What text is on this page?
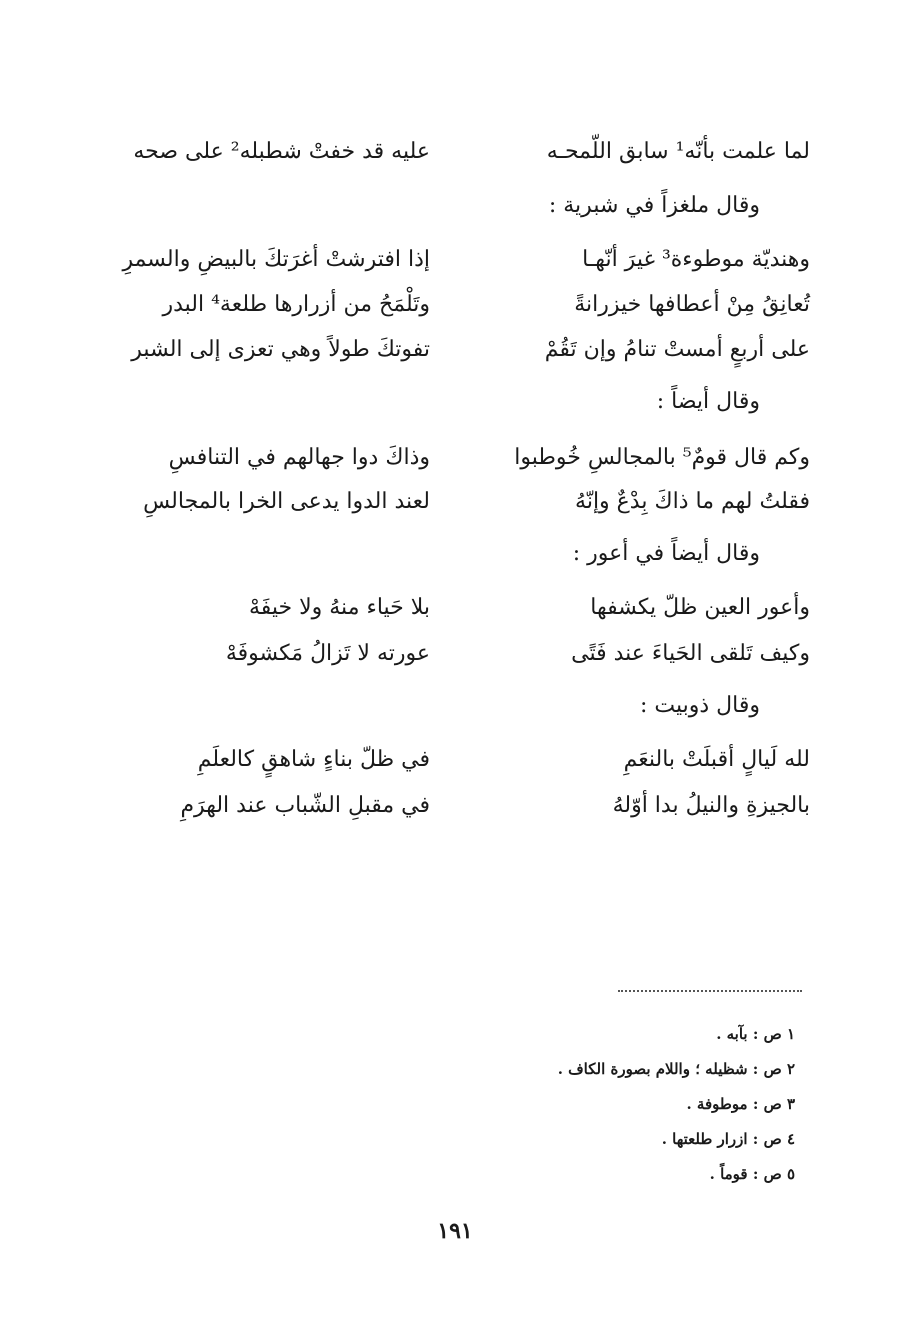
لما علمت بأنّه¹ سابق اللّمحـه
عليه قد خفتْ شطبله² على صحه
وقال ملغزاً في شبرية :
وهنديّة موطوءة³ غيرَ أنّهـا
إذا افترشتْ أغرَتكَ بالبيضِ والسمرِ
تُعانِقُ مِنْ أعطافها خيزرانةً
وتَلْمَحُ من أزرارها طلعة⁴ البدر
على أربعٍ أمستْ تنامُ وإن تَقُمْ
تفوتكَ طولاً وهي تعزى إلى الشبر
وقال أيضاً :
وكم قال قومٌ⁵ بالمجالسِ خُوطبوا
وذاكَ دوا جهالهم في التنافسِ
فقلتُ لهم ما ذاكَ بِدْعٌ وإنّهُ
لعند الدوا يدعى الخرا بالمجالسِ
وقال أيضاً في أعور :
وأعور العين ظلّ يكشفها
بلا حَياء منهُ ولا خيفَهْ
وكيف تَلقى الحَياءَ عند فَتًى
عورته لا تَزالُ مَكشوفَهْ
وقال ذوبيت :
لله لَيالٍ أقبلَتْ بالنعَمِ
في ظلّ بناءٍ شاهقٍ كالعلَمِ
بالجيزةِ والنيلُ بدا أوّلهُ
في مقبلِ الشّباب عند الهرَمِ
١ ص : بآبه .
٢ ص : شظيله ؛ واللام بصورة الكاف .
٣ ص : موطوفة .
٤ ص : ازرار طلعتها .
٥ ص : قوماً .
١٩١
